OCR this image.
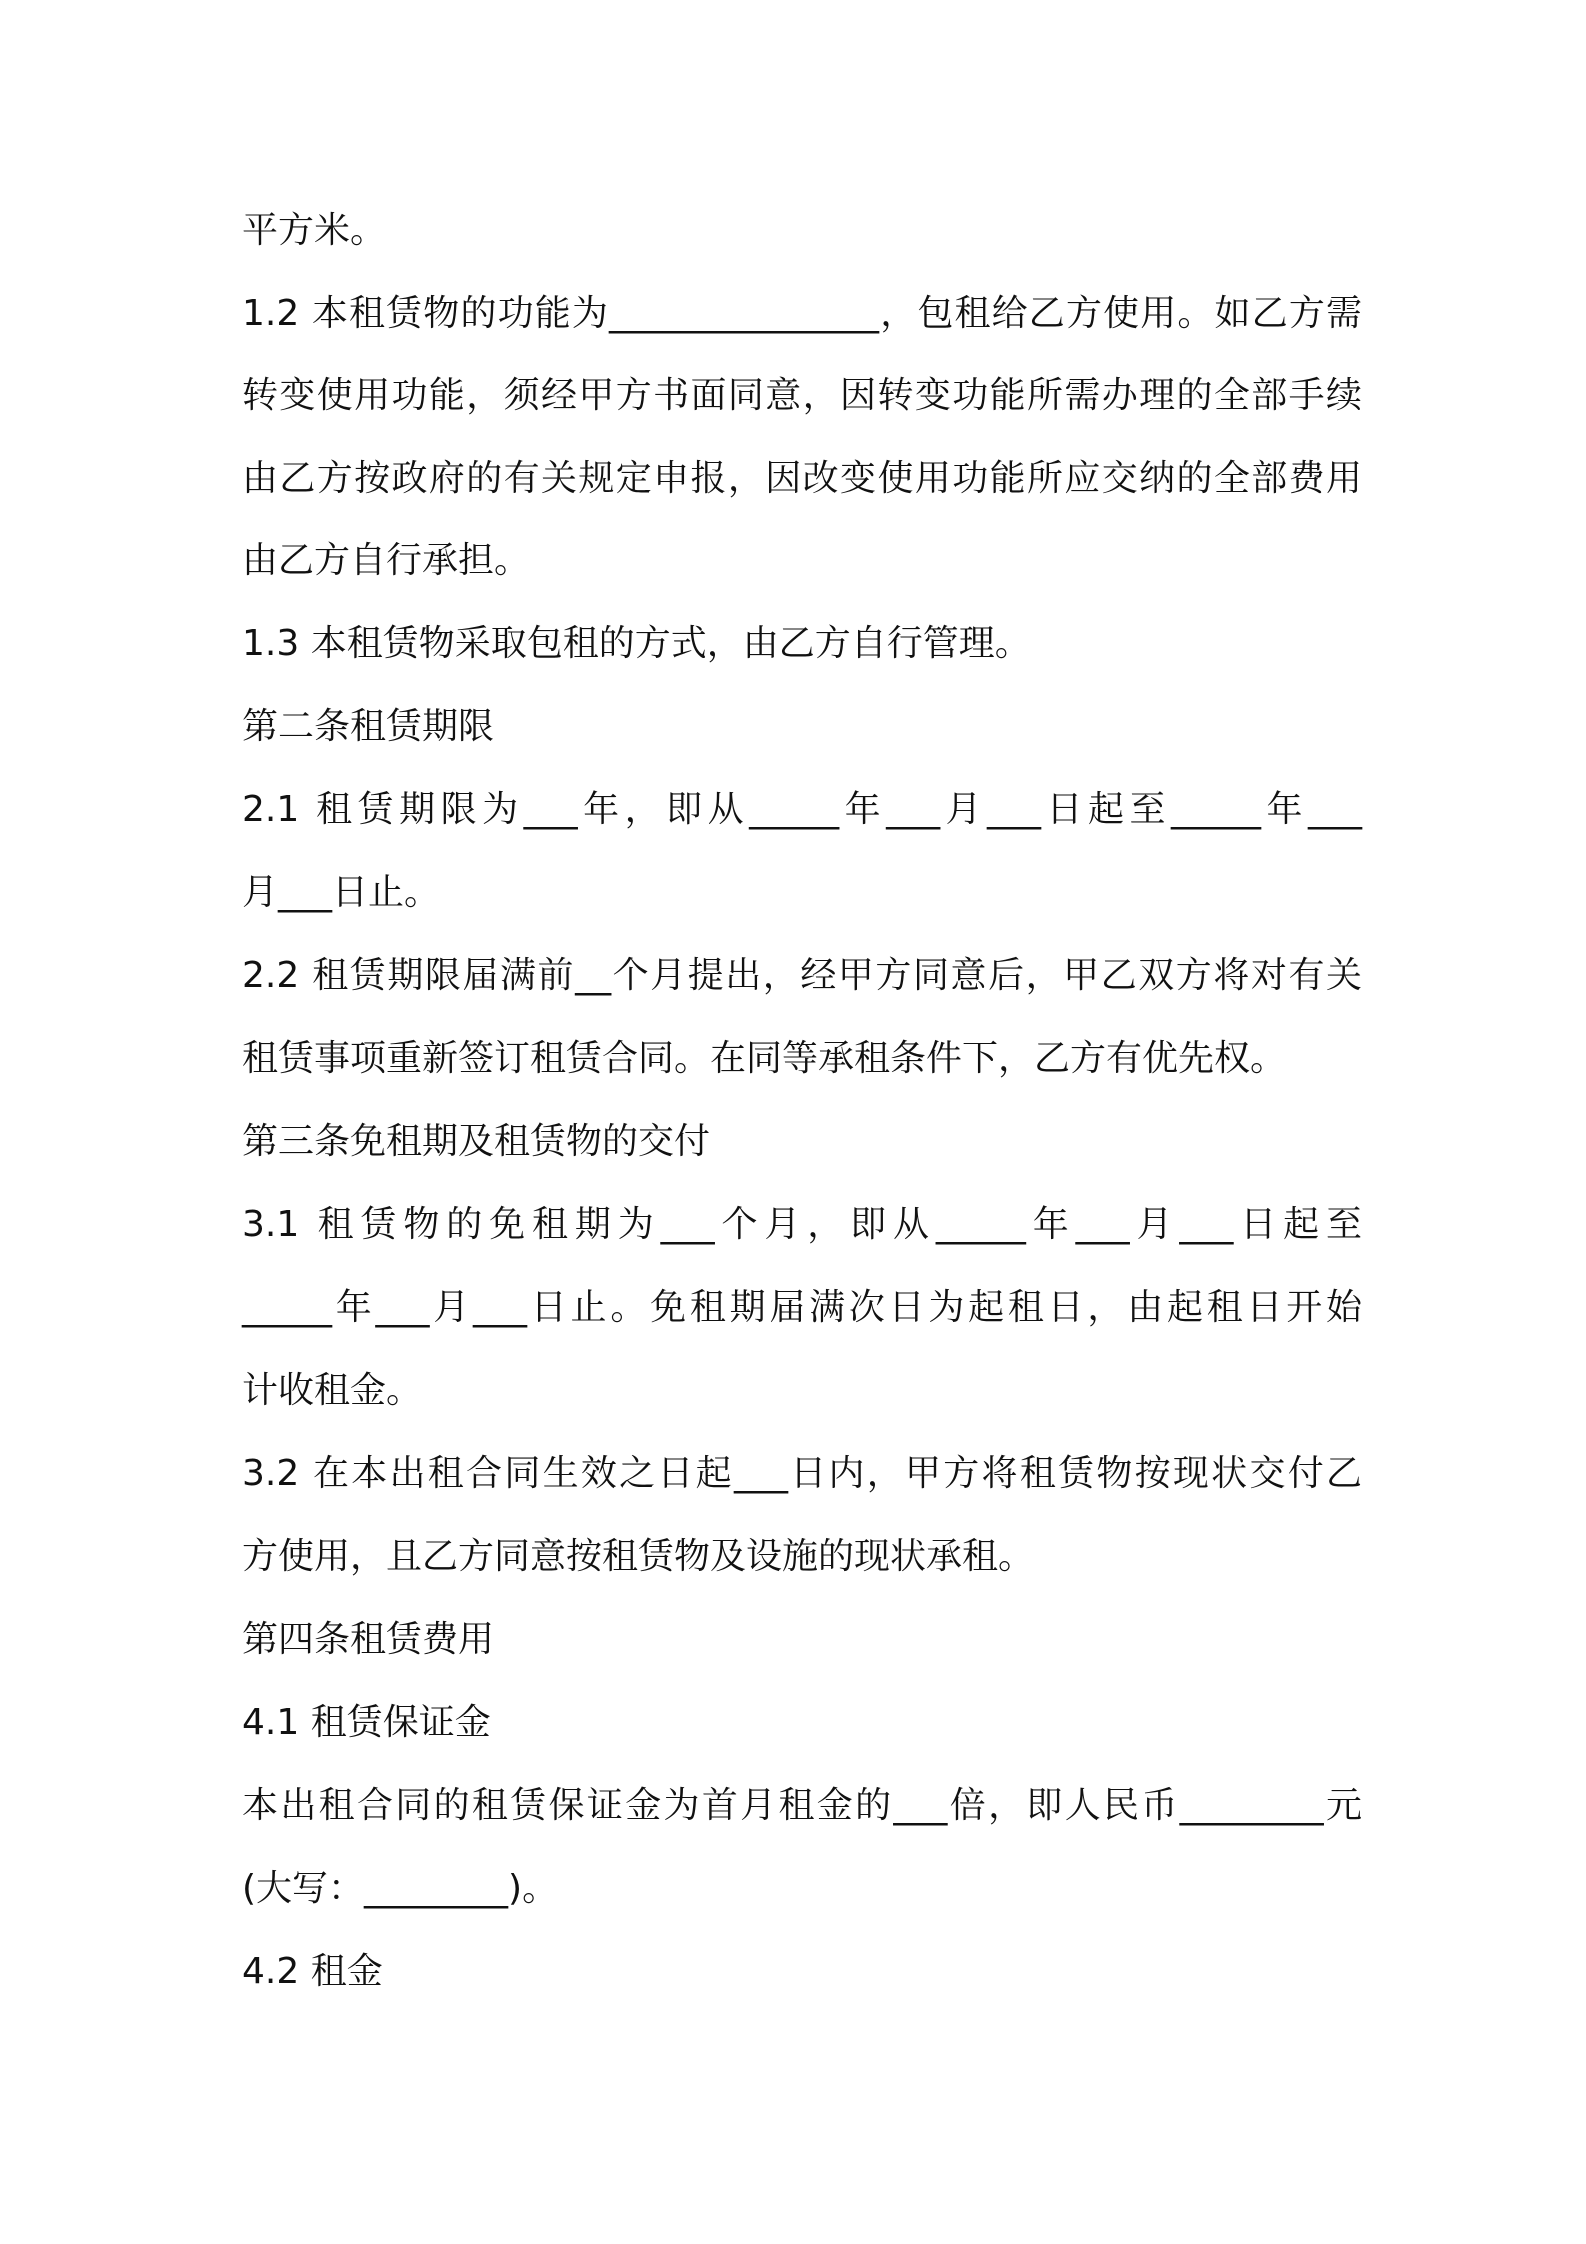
平方米。
1.2 本租赁物的功能为_______________，包租给乙方使用。如乙方需
转变使用功能，须经甲方书面同意，因转变功能所需办理的全部手续
由乙方按政府的有关规定申报，因改变使用功能所应交纳的全部费用
由乙方自行承担。
1.3 本租赁物采取包租的方式，由乙方自行管理。
第二条租赁期限
2.1 租赁期限为___年，即从_____年___月___日起至_____年___
月___日止。
2.2 租赁期限届满前__个月提出，经甲方同意后，甲乙双方将对有关
租赁事项重新签订租赁合同。在同等承租条件下，乙方有优先权。
第三条免租期及租赁物的交付
3.1 租赁物的免租期为___个月，即从_____年___月___日起至
_____年___月___日止。免租期届满次日为起租日，由起租日开始
计收租金。
3.2 在本出租合同生效之日起___日内，甲方将租赁物按现状交付乙
方使用，且乙方同意按租赁物及设施的现状承租。
第四条租赁费用
4.1 租赁保证金
本出租合同的租赁保证金为首月租金的___倍，即人民币________元
(大写：________)。
4.2 租金
